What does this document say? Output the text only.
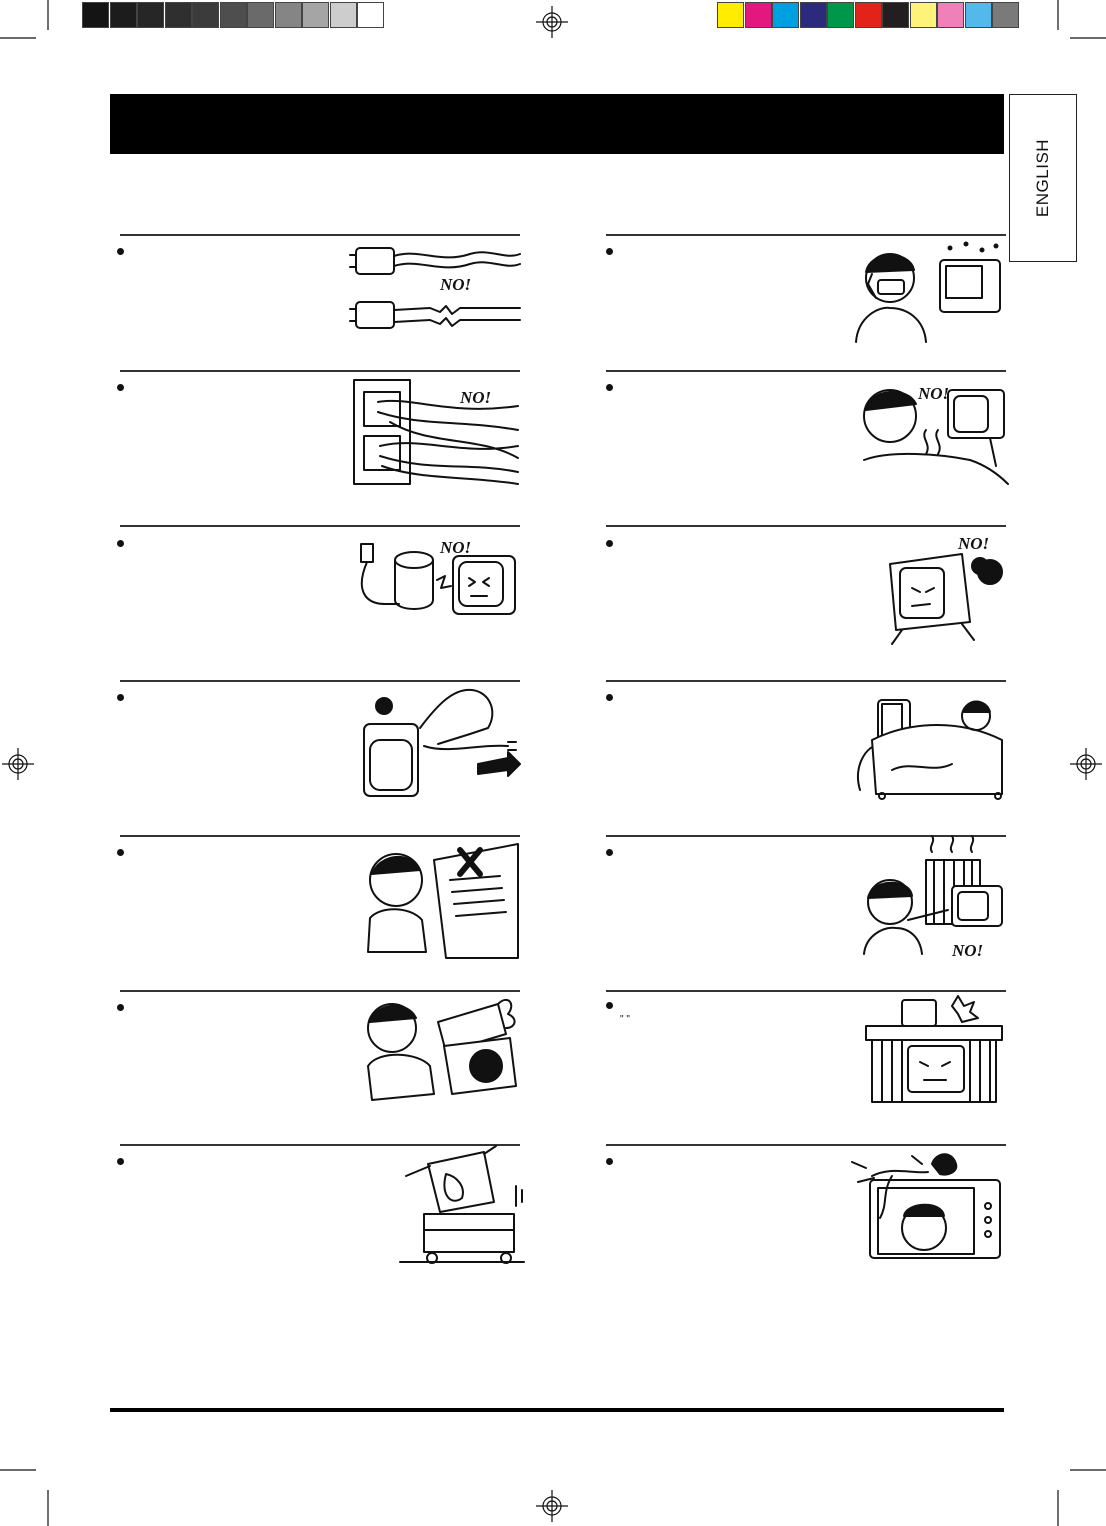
ENGLISH
NO!
NO!
NO!
NO!
NO!
NO!
" "
